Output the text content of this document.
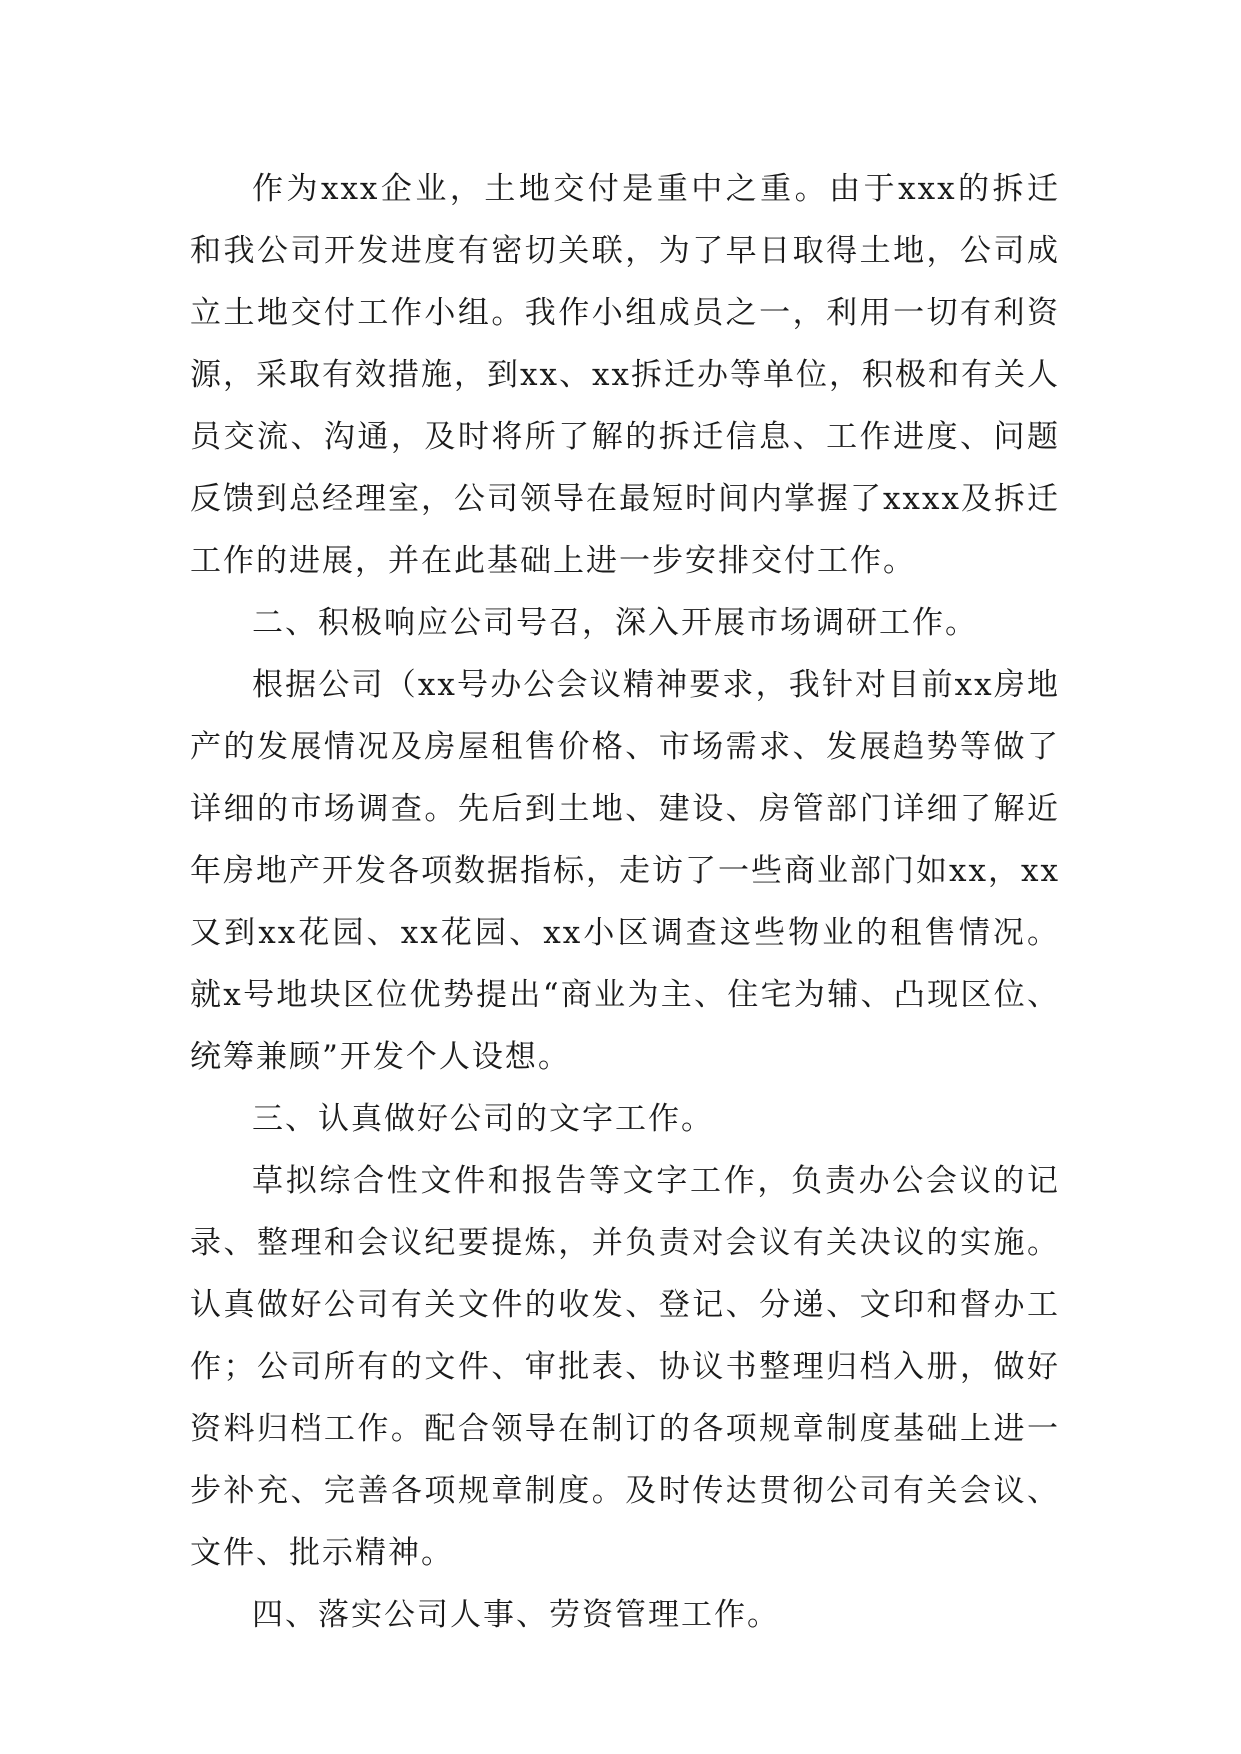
作为xxx企业，土地交付是重中之重。由于xxx的拆迁和我公司开发进度有密切关联，为了早日取得土地，公司成立土地交付工作小组。我作小组成员之一，利用一切有利资源，采取有效措施，到xx、xx拆迁办等单位，积极和有关人员交流、沟通，及时将所了解的拆迁信息、工作进度、问题反馈到总经理室，公司领导在最短时间内掌握了xxxx及拆迁工作的进展，并在此基础上进一步安排交付工作。

二、积极响应公司号召，深入开展市场调研工作。

根据公司（xx号办公会议精神要求，我针对目前xx房地产的发展情况及房屋租售价格、市场需求、发展趋势等做了详细的市场调查。先后到土地、建设、房管部门详细了解近年房地产开发各项数据指标，走访了一些商业部门如xx，xx又到xx花园、xx花园、xx小区调查这些物业的租售情况。就x号地块区位优势提出“商业为主、住宅为辅、凸现区位、统筹兼顾”开发个人设想。

三、认真做好公司的文字工作。

草拟综合性文件和报告等文字工作，负责办公会议的记录、整理和会议纪要提炼，并负责对会议有关决议的实施。认真做好公司有关文件的收发、登记、分递、文印和督办工作；公司所有的文件、审批表、协议书整理归档入册，做好资料归档工作。配合领导在制订的各项规章制度基础上进一步补充、完善各项规章制度。及时传达贯彻公司有关会议、文件、批示精神。

四、落实公司人事、劳资管理工作。
